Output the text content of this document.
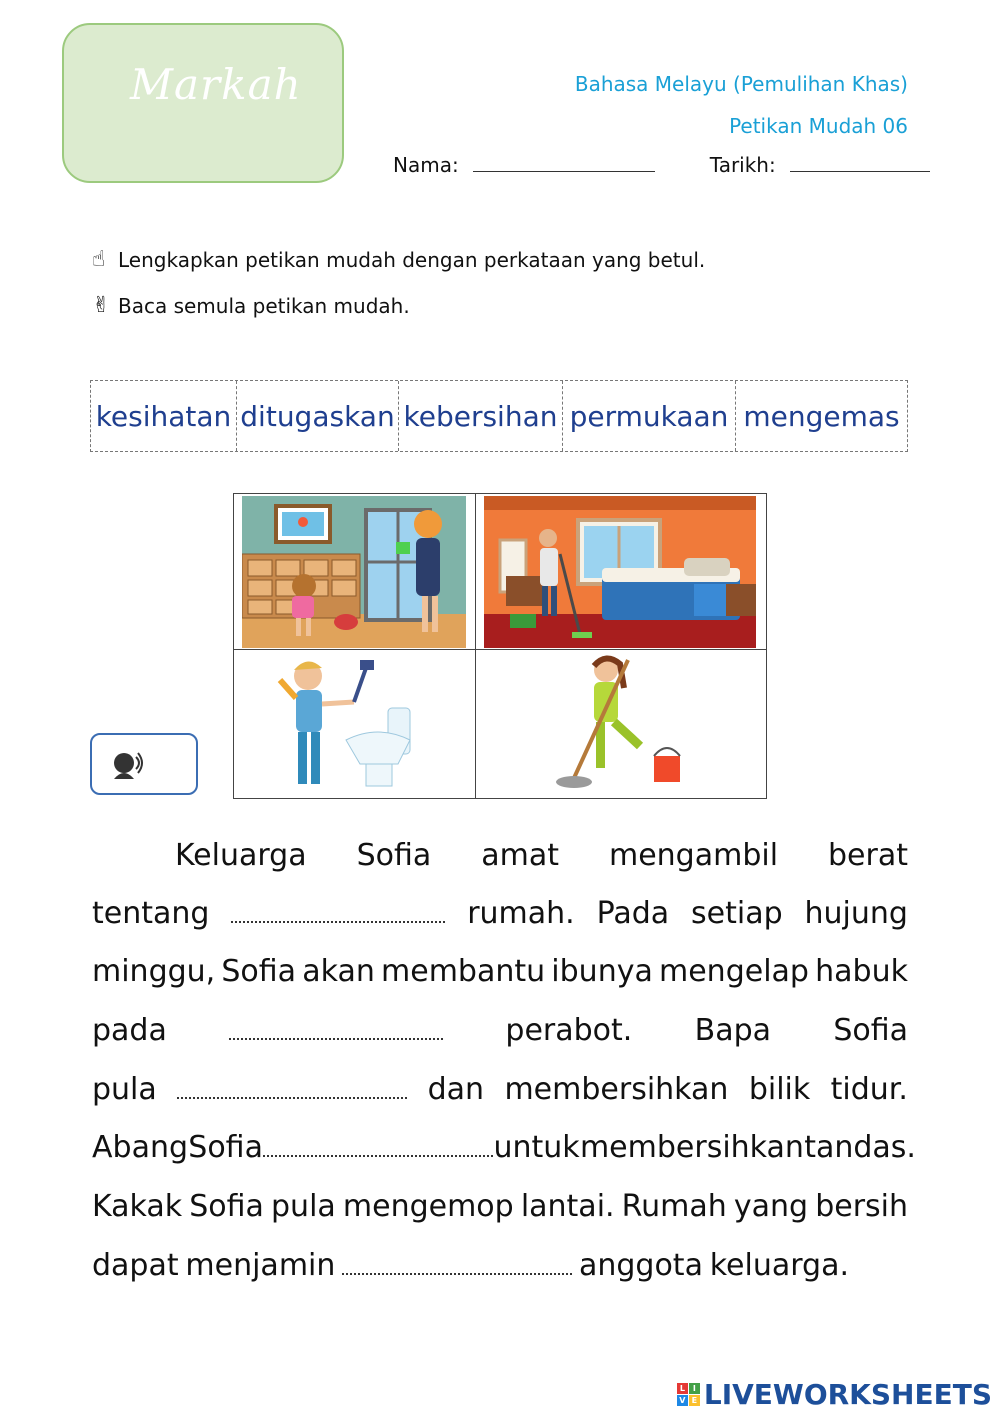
Markah	Bahasa Melayu (Pemulihan Khas)
Petikan Mudah 06
Nama:	Tarikh:
☝ Lengkapkan petikan mudah dengan perkataan yang betul.
✌ Baca semula petikan mudah.
kesihatan ditugaskan kebersihan permukaan mengemas
Keluarga Sofia amat mengambil berat
tentang	rumah. Pada setiap hujung
minggu, Sofia akan membantu ibunya mengelap habuk
pada	perabot. Bapa Sofia
pula	dan membersihkan bilik tidur.
Abang Sofia	untuk membersihkan tandas.
Kakak Sofia pula mengemop lantai. Rumah yang bersih
dapat menjamin	anggota keluarga.
L I
V E LIVEWORKSHEETS
